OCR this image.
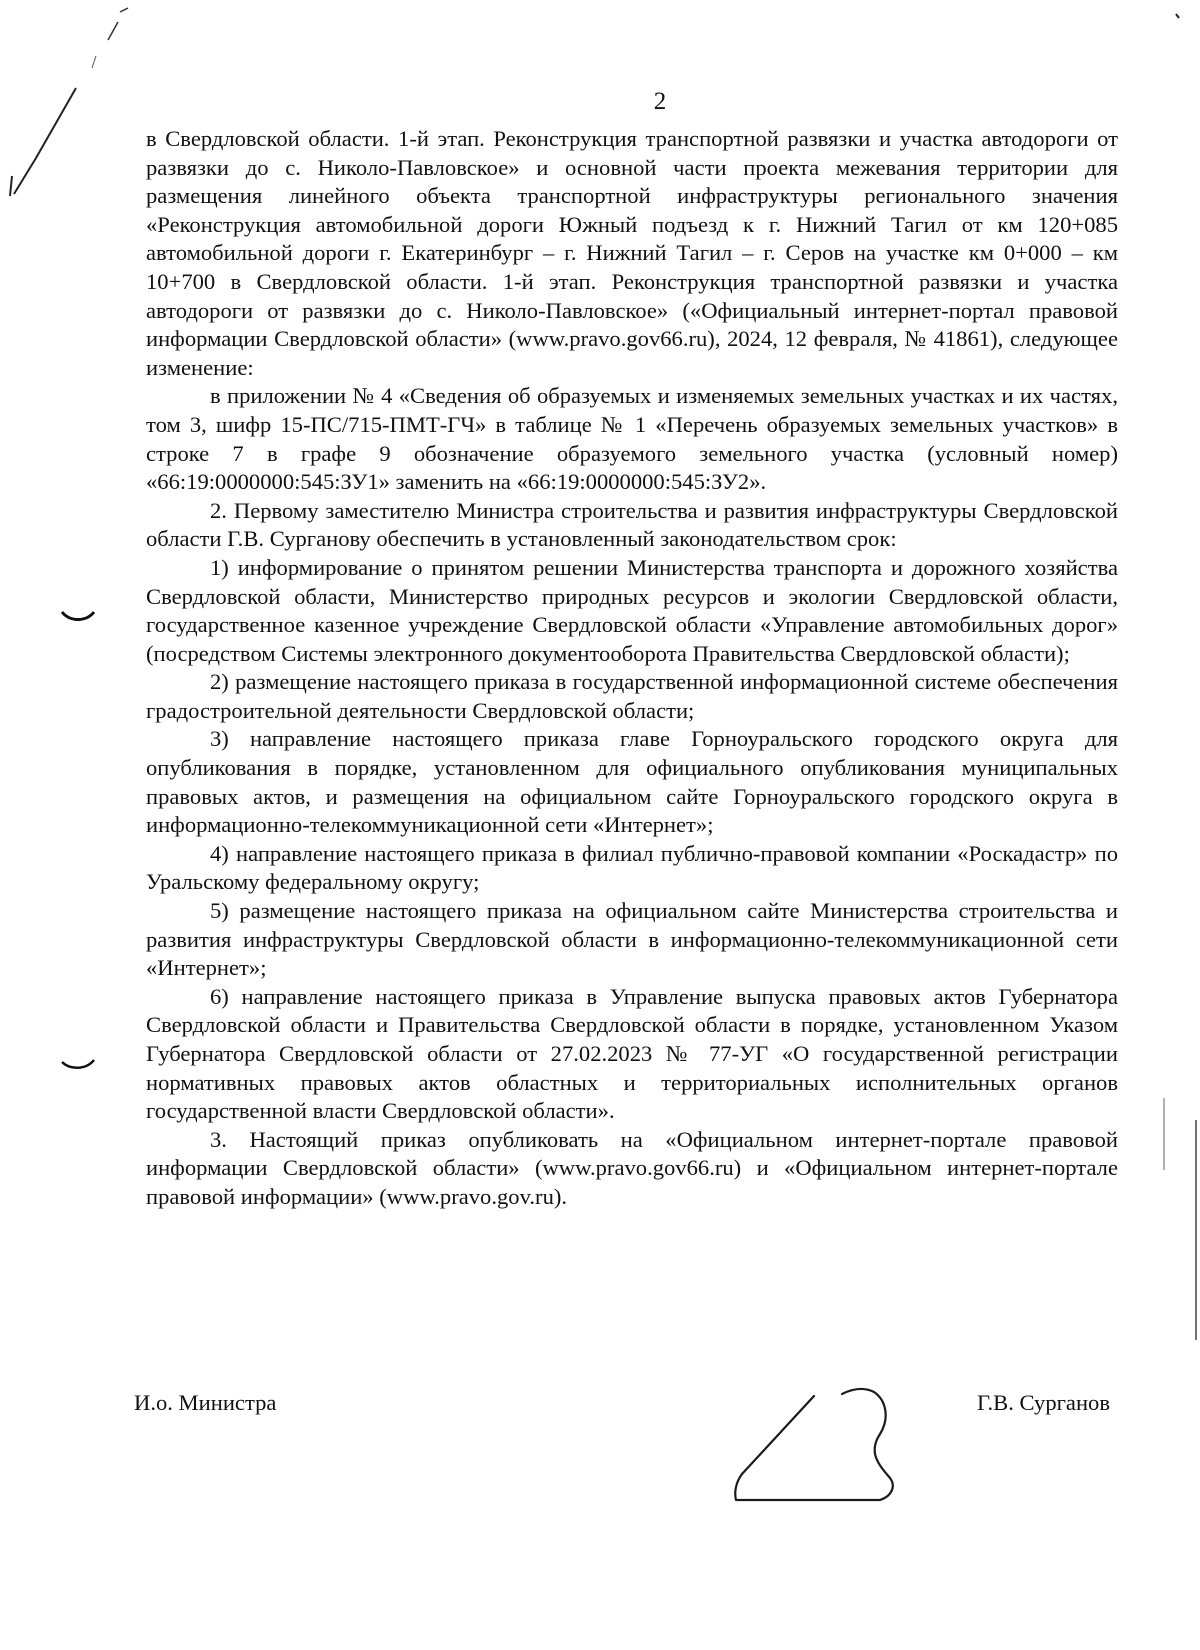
2

в Свердловской области. 1-й этап. Реконструкция транспортной развязки и участка автодороги от развязки до с. Николо-Павловское» и основной части проекта межевания территории для размещения линейного объекта транспортной инфраструктуры регионального значения «Реконструкция автомобильной дороги Южный подъезд к г. Нижний Тагил от км 120+085 автомобильной дороги г. Екатеринбург – г. Нижний Тагил – г. Серов на участке км 0+000 – км 10+700 в Свердловской области. 1-й этап. Реконструкция транспортной развязки и участка автодороги от развязки до с. Николо-Павловское» («Официальный интернет-портал правовой информации Свердловской области» (www.pravo.gov66.ru), 2024, 12 февраля, № 41861), следующее изменение:

в приложении № 4 «Сведения об образуемых и изменяемых земельных участках и их частях, том 3, шифр 15-ПС/715-ПМТ-ГЧ» в таблице № 1 «Перечень образуемых земельных участков» в строке 7 в графе 9 обозначение образуемого земельного участка (условный номер) «66:19:0000000:545:ЗУ1» заменить на «66:19:0000000:545:ЗУ2».

2. Первому заместителю Министра строительства и развития инфраструктуры Свердловской области Г.В. Сурганову обеспечить в установленный законодательством срок:

1) информирование о принятом решении Министерства транспорта и дорожного хозяйства Свердловской области, Министерство природных ресурсов и экологии Свердловской области, государственное казенное учреждение Свердловской области «Управление автомобильных дорог» (посредством Системы электронного документооборота Правительства Свердловской области);

2) размещение настоящего приказа в государственной информационной системе обеспечения градостроительной деятельности Свердловской области;

3) направление настоящего приказа главе Горноуральского городского округа для опубликования в порядке, установленном для официального опубликования муниципальных правовых актов, и размещения на официальном сайте Горноуральского городского округа в информационно-телекоммуникационной сети «Интернет»;

4) направление настоящего приказа в филиал публично-правовой компании «Роскадастр» по Уральскому федеральному округу;

5) размещение настоящего приказа на официальном сайте Министерства строительства и развития инфраструктуры Свердловской области в информационно-телекоммуникационной сети «Интернет»;

6) направление настоящего приказа в Управление выпуска правовых актов Губернатора Свердловской области и Правительства Свердловской области в порядке, установленном Указом Губернатора Свердловской области от 27.02.2023 № 77-УГ «О государственной регистрации нормативных правовых актов областных и территориальных исполнительных органов государственной власти Свердловской области».

3. Настоящий приказ опубликовать на «Официальном интернет-портале правовой информации Свердловской области» (www.pravo.gov66.ru) и «Официальном интернет-портале правовой информации» (www.pravo.gov.ru).

И.о. Министра	Г.В. Сурганов
